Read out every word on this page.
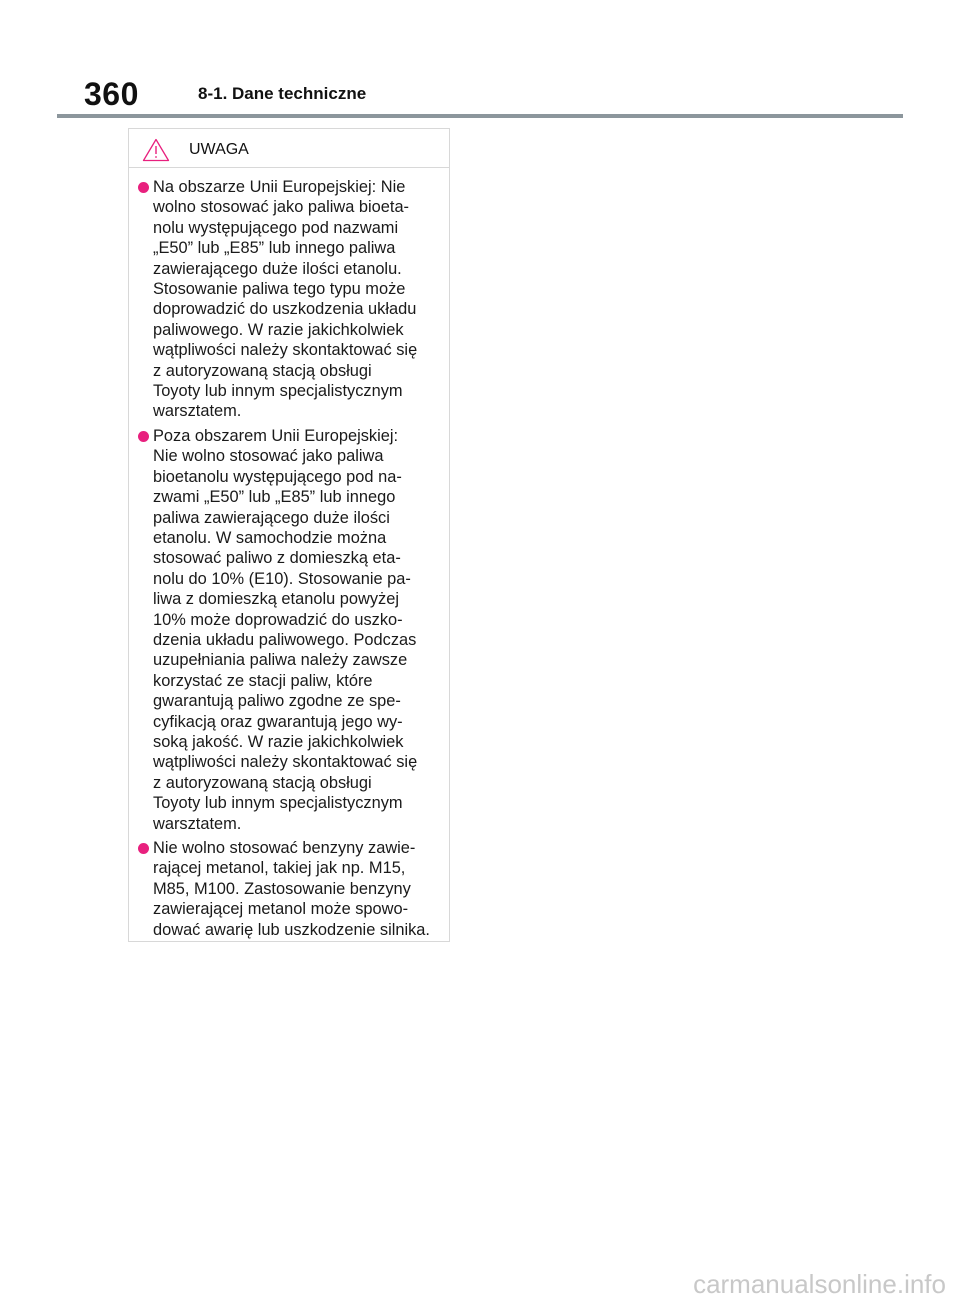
360	8-1. Dane techniczne
UWAGA
Na obszarze Unii Europejskiej: Nie
wolno stosować jako paliwa bioeta-
nolu występującego pod nazwami
„E50” lub „E85” lub innego paliwa
zawierającego duże ilości etanolu.
Stosowanie paliwa tego typu może
doprowadzić do uszkodzenia układu
paliwowego. W razie jakichkolwiek
wątpliwości należy skontaktować się
z autoryzowaną stacją obsługi
Toyoty lub innym specjalistycznym
warsztatem.
Poza obszarem Unii Europejskiej:
Nie wolno stosować jako paliwa
bioetanolu występującego pod na-
zwami „E50” lub „E85” lub innego
paliwa zawierającego duże ilości
etanolu. W samochodzie można
stosować paliwo z domieszką eta-
nolu do 10% (E10). Stosowanie pa-
liwa z domieszką etanolu powyżej
10% może doprowadzić do uszko-
dzenia układu paliwowego. Podczas
uzupełniania paliwa należy zawsze
korzystać ze stacji paliw, które
gwarantują paliwo zgodne ze spe-
cyfikacją oraz gwarantują jego wy-
soką jakość. W razie jakichkolwiek
wątpliwości należy skontaktować się
z autoryzowaną stacją obsługi
Toyoty lub innym specjalistycznym
warsztatem.
Nie wolno stosować benzyny zawie-
rającej metanol, takiej jak np. M15,
M85, M100. Zastosowanie benzyny
zawierającej metanol może spowo-
dować awarię lub uszkodzenie silnika.
carmanualsonline.info
